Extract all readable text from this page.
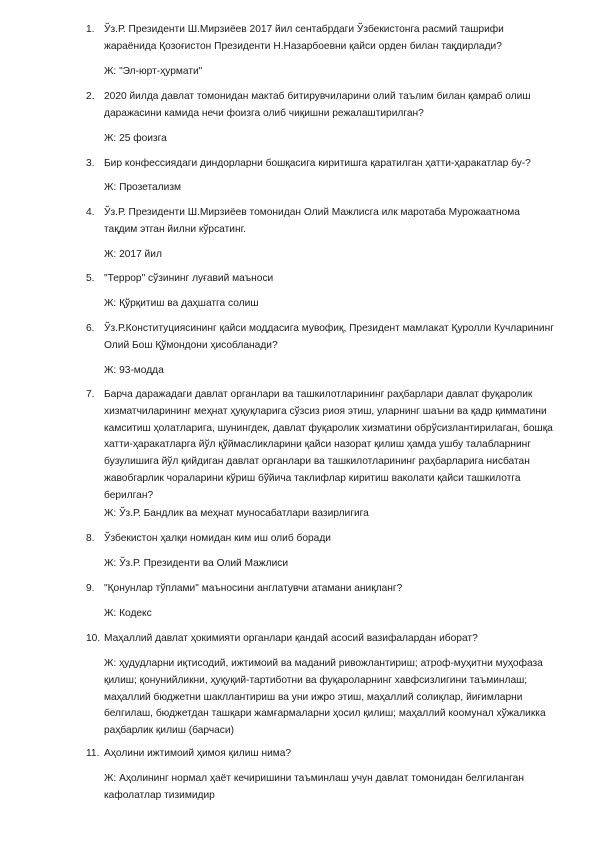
1. Ўз.Р. Президенти Ш.Мирзиёев 2017 йил сентабрдаги Ўзбекистонга расмий ташрифи жараёнида Қозоғистон Президенти Н.Назарбоевни қайси орден билан тақдирлади?
Ж: "Эл-юрт-ҳурмати"
2. 2020 йилда давлат томонидан мактаб битирувчиларини олий таълим билан қамраб олиш даражасини камида нечи фоизга олиб чиқишни режалаштирилган?
Ж: 25 фоизга
3. Бир конфессиядаги диндорларни бошқасига киритишга қаратилган ҳатти-ҳаракатлар бу-?
Ж: Прозетализм
4. Ўз.Р. Президенти Ш.Мирзиёев томонидан Олий Мажлисга илк маротаба Мурожаатнома тақдим этган йилни кўрсатинг.
Ж: 2017 йил
5. "Террор" сўзининг луғавий маъноси
Ж: Қўрқитиш ва даҳшатга солиш
6. Ўз.Р.Конституциясининг қайси моддасига мувофиқ, Президент мамлакат Қуролли Кучларининг Олий Бош Қўмондони ҳисобланади?
Ж: 93-модда
7. Барча даражадаги давлат органлари ва ташкилотларининг раҳбарлари давлат фуқаролик хизматчиларининг меҳнат ҳуқуқларига сўзсиз риоя этиш, уларнинг шаъни ва қадр қимматини камситиш ҳолатларига, шунингдек, давлат фуқаролик хизматини обрўсизлантирилаган, бошқа хатти-ҳаракатларга йўл қўймасликларини қайси назорат қилиш ҳамда ушбу талабларнинг бузулишига йўл қийдиган давлат органлари ва ташкилотларининг раҳбарларига нисбатан жавобгарлик чораларини кўриш бўйича таклифлар киритиш ваколати қайси ташкилотга берилган?
Ж: Ўз.Р. Бандлик ва меҳнат муносабатлари вазирлигига
8. Ўзбекистон ҳалқи номидан ким иш олиб боради
Ж: Ўз.Р. Президенти ва Олий Мажлиси
9. "Қонунлар тўплами" маъносини англатувчи атамани аниқланг?
Ж: Кодекс
10. Маҳаллий давлат ҳокимияти органлари қандай асосий вазифалардан иборат?
Ж: ҳудудларни иқтисодий, ижтимоий ва маданий ривожлантириш; атроф-муҳитни муҳофаза қилиш; қонунийликни, ҳуқуқий-тартиботни ва фуқароларнинг хавфсизлигини таъминлаш; маҳаллий бюджетни шакллантириш ва уни ижро этиш, маҳаллий солиқлар, йиғимларни белгилаш, бюджетдан ташқари жамғармаларни ҳосил қилиш; маҳаллий коомунал хўжаликка раҳбарлик қилиш (барчаси)
11. Аҳолини ижтимоий ҳимоя қилиш нима?
Ж: Аҳолининг нормал ҳаёт кечиришини таъминлаш учун давлат томонидан белгиланган кафолатлар тизимидир
